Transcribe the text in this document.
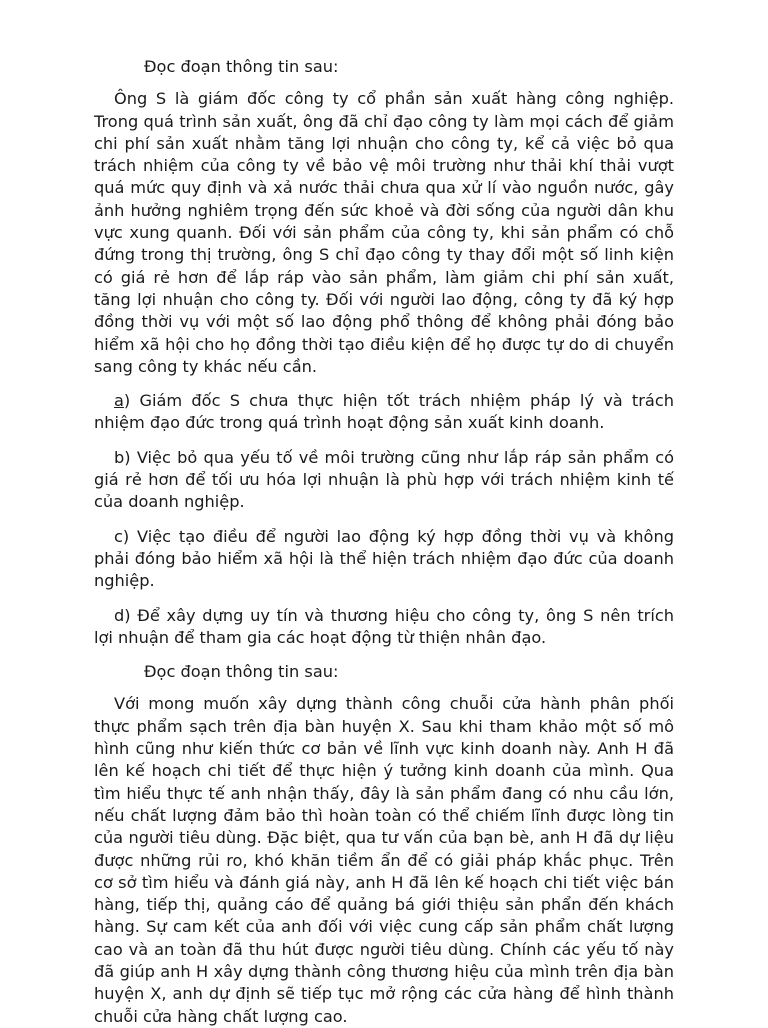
Đọc đoạn thông tin sau:

Ông S là giám đốc công ty cổ phần sản xuất hàng công nghiệp. Trong quá trình sản xuất, ông đã chỉ đạo công ty làm mọi cách để giảm chi phí sản xuất nhằm tăng lợi nhuận cho công ty, kể cả việc bỏ qua trách nhiệm của công ty về bảo vệ môi trường như thải khí thải vượt quá mức quy định và xả nước thải chưa qua xử lí vào nguồn nước, gây ảnh hưởng nghiêm trọng đến sức khoẻ và đời sống của người dân khu vực xung quanh. Đối với sản phẩm của công ty, khi sản phẩm có chỗ đứng trong thị trường, ông S chỉ đạo công ty thay đổi một số linh kiện có giá rẻ hơn để lắp ráp vào sản phẩm, làm giảm chi phí sản xuất, tăng lợi nhuận cho công ty. Đối với người lao động, công ty đã ký hợp đồng thời vụ với một số lao động phổ thông để không phải đóng bảo hiểm xã hội cho họ đồng thời tạo điều kiện để họ được tự do di chuyển sang công ty khác nếu cần.

a) Giám đốc S chưa thực hiện tốt trách nhiệm pháp lý và trách nhiệm đạo đức trong quá trình hoạt động sản xuất kinh doanh.

b) Việc bỏ qua yếu tố về môi trường cũng như lắp ráp sản phẩm có giá rẻ hơn để tối ưu hóa lợi nhuận là phù hợp với trách nhiệm kinh tế của doanh nghiệp.

c) Việc tạo điều để người lao động ký hợp đồng thời vụ và không phải đóng bảo hiểm xã hội là thể hiện trách nhiệm đạo đức của doanh nghiệp.

d) Để xây dựng uy tín và thương hiệu cho công ty, ông S nên trích lợi nhuận để tham gia các hoạt động từ thiện nhân đạo.

Đọc đoạn thông tin sau:

Với mong muốn xây dựng thành công chuỗi cửa hành phân phối thực phẩm sạch trên địa bàn huyện X. Sau khi tham khảo một số mô hình cũng như kiến thức cơ bản về lĩnh vực kinh doanh này. Anh H đã lên kế hoạch chi tiết để thực hiện ý tưởng kinh doanh của mình. Qua tìm hiểu thực tế anh nhận thấy, đây là sản phẩm đang có nhu cầu lớn, nếu chất lượng đảm bảo thì hoàn toàn có thể chiếm lĩnh được lòng tin của người tiêu dùng. Đặc biệt, qua tư vấn của bạn bè, anh H đã dự liệu được những rủi ro, khó khăn tiềm ẩn để có giải pháp khắc phục. Trên cơ sở tìm hiểu và đánh giá này, anh H đã lên kế hoạch chi tiết việc bán hàng, tiếp thị, quảng cáo để quảng bá giới thiệu sản phẩn đến khách hàng. Sự cam kết của anh đối với việc cung cấp sản phẩm chất lượng cao và an toàn đã thu hút được người tiêu dùng. Chính các yếu tố này đã giúp anh H xây dựng thành công thương hiệu của mình trên địa bàn huyện X, anh dự định sẽ tiếp tục mở rộng các cửa hàng để hình thành chuỗi cửa hàng chất lượng cao.
